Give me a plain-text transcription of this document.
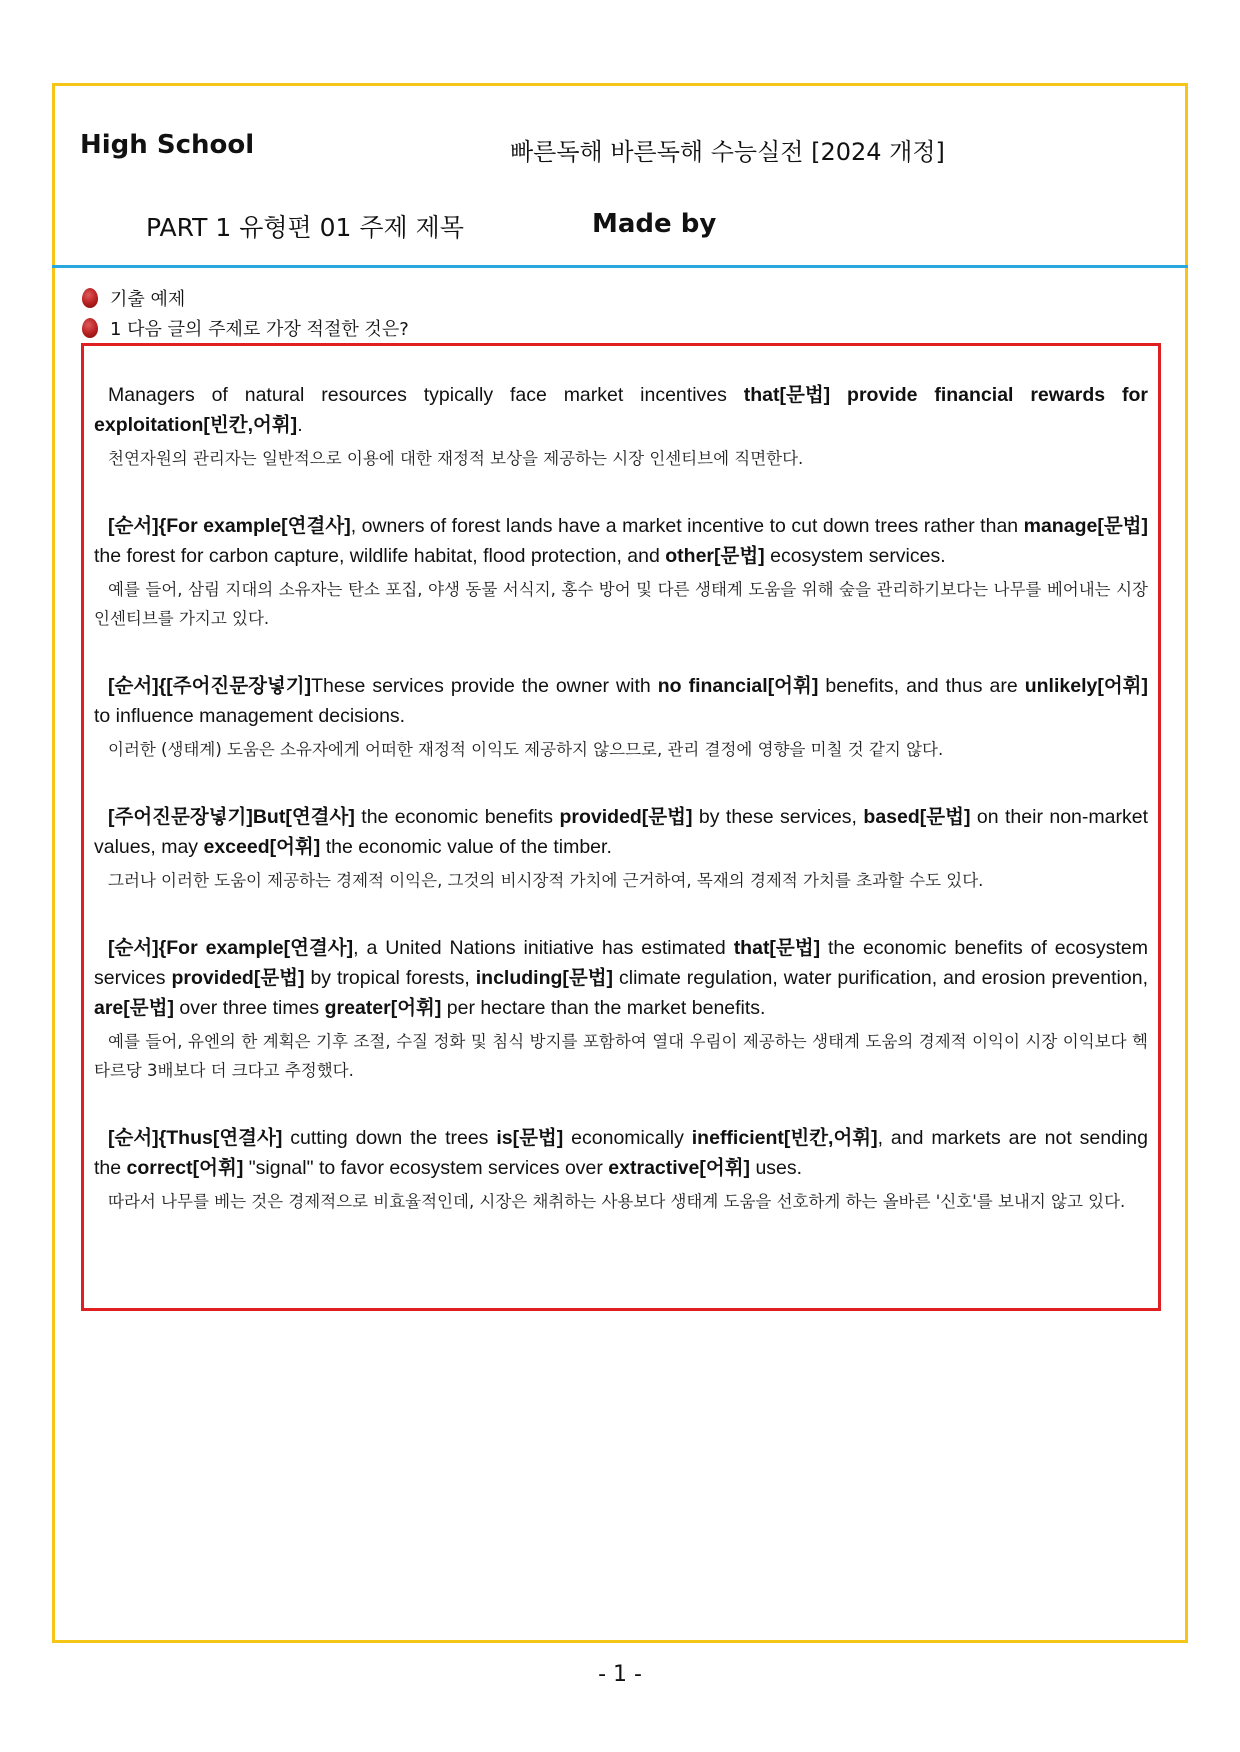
High School	빠른독해 바른독해 수능실전 [2024 개정]
PART 1 유형편 01 주제 제목	Made by
기출 예제
1 다음 글의 주제로 가장 적절한 것은?

Managers of natural resources typically face market incentives that[문법] provide financial rewards for exploitation[빈칸,어휘].

천연자원의 관리자는 일반적으로 이용에 대한 재정적 보상을 제공하는 시장 인센티브에 직면한다.

[순서]{For example[연결사], owners of forest lands have a market incentive to cut down trees rather than manage[문법] the forest for carbon capture, wildlife habitat, flood protection, and other[문법] ecosystem services.

예를 들어, 삼림 지대의 소유자는 탄소 포집, 야생 동물 서식지, 홍수 방어 및 다른 생태계 도움을 위해 숲을 관리하기보다는 나무를 베어내는 시장 인센티브를 가지고 있다.

[순서]{[주어진문장넣기]These services provide the owner with no financial[어휘] benefits, and thus are unlikely[어휘] to influence management decisions.

이러한 (생태계) 도움은 소유자에게 어떠한 재정적 이익도 제공하지 않으므로, 관리 결정에 영향을 미칠 것 같지 않다.

[주어진문장넣기]But[연결사] the economic benefits provided[문법] by these services, based[문법] on their non-market values, may exceed[어휘] the economic value of the timber.

그러나 이러한 도움이 제공하는 경제적 이익은, 그것의 비시장적 가치에 근거하여, 목재의 경제적 가치를 초과할 수도 있다.

[순서]{For example[연결사], a United Nations initiative has estimated that[문법] the economic benefits of ecosystem services provided[문법] by tropical forests, including[문법] climate regulation, water purification, and erosion prevention, are[문법] over three times greater[어휘] per hectare than the market benefits.

예를 들어, 유엔의 한 계획은 기후 조절, 수질 정화 및 침식 방지를 포함하여 열대 우림이 제공하는 생태계 도움의 경제적 이익이 시장 이익보다 헥타르당 3배보다 더 크다고 추정했다.

[순서]{Thus[연결사] cutting down the trees is[문법] economically inefficient[빈칸,어휘], and markets are not sending the correct[어휘] "signal" to favor ecosystem services over extractive[어휘] uses.

따라서 나무를 베는 것은 경제적으로 비효율적인데, 시장은 채취하는 사용보다 생태계 도움을 선호하게 하는 올바른 '신호'를 보내지 않고 있다.

- 1 -
